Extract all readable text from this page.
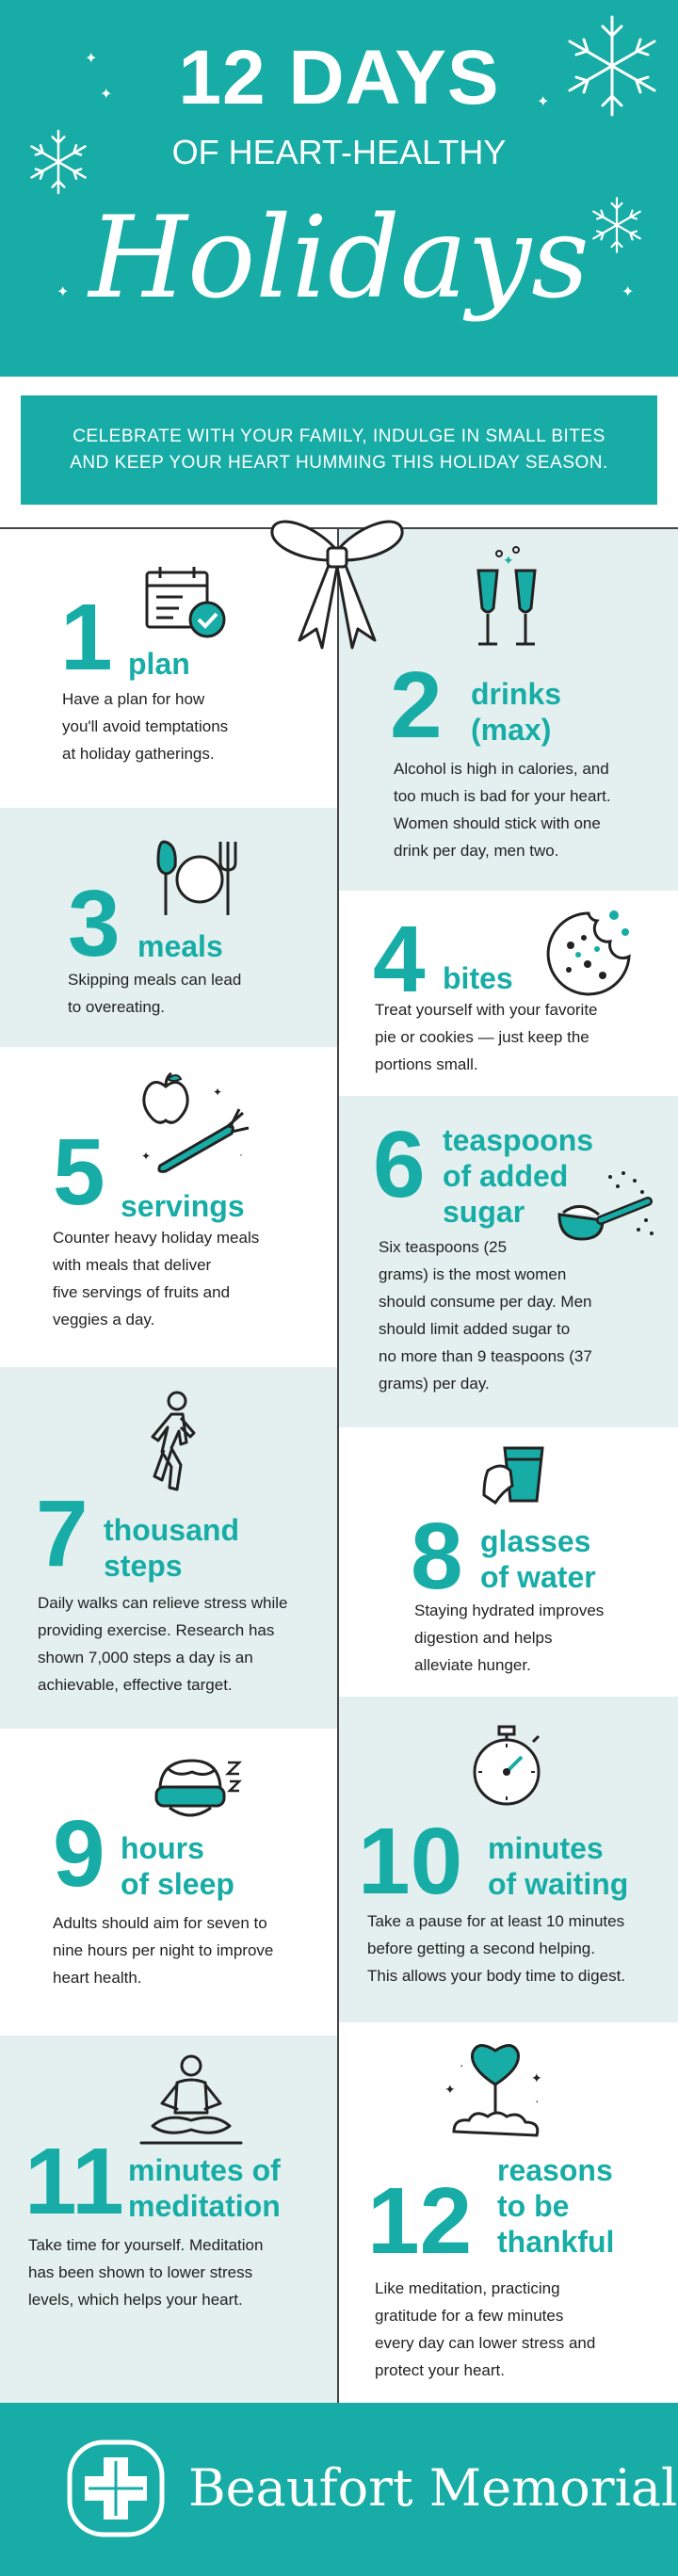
✦
✦
✦
✦
✦
12 DAYS
OF HEART-HEALTHY
Holidays
CELEBRATE WITH YOUR FAMILY, INDULGE IN SMALL BITES
AND KEEP YOUR HEART HUMMING THIS HOLIDAY SEASON.
1 plan
Have a plan for how
you'll avoid temptations
at holiday gatherings.
✦
2 drinks
(max)
Alcohol is high in calories, and
too much is bad for your heart.
Women should stick with one
drink per day, men two.
3 meals
Skipping meals can lead
to overeating.	4 bites
Treat yourself with your favorite
pie or cookies — just keep the
portions small.
✦
✦
·
5 servings
Counter heavy holiday meals
with meals that deliver
five servings of fruits and
veggies a day.
6 teaspoons
of added
sugar
Six teaspoons (25
grams) is the most women
should consume per day. Men
should limit added sugar to
no more than 9 teaspoons (37
grams) per day.
7 thousand
steps
Daily walks can relieve stress while
providing exercise. Research has
shown 7,000 steps a day is an
achievable, effective target.
8 glasses
of water
Staying hydrated improves
digestion and helps
alleviate hunger.
9 hours
of sleep
Adults should aim for seven to
nine hours per night to improve
heart health.
10 minutes
of waiting
Take a pause for at least 10 minutes
before getting a second helping.
This allows your body time to digest.
11 minutes of
meditation
Take time for yourself. Meditation
has been shown to lower stress
levels, which helps your heart.
✦
✦
·
·
12 reasons
to be
thankful
Like meditation, practicing
gratitude for a few minutes
every day can lower stress and
protect your heart.
Beaufort Memorial
